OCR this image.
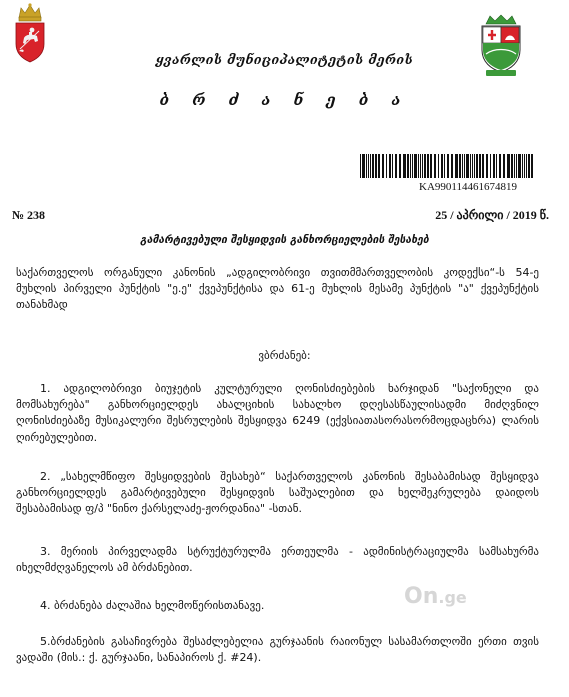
ყვარლის მუნიციპალიტეტის მერის
ბ რ ძ ა ნ ე ბ ა
KA990114461674819
№ 238	25 / აპრილი / 2019 წ.
გამარტივებული შესყიდვის განხორციელების შესახებ
საქართველოს ორგანული კანონის „ადგილობრივი თვითმმართველობის კოდექსი“-ს 54-ე მუხლის პირველი პუნქტის "ე.ე" ქვეპუნქტისა და 61-ე მუხლის მესამე პუნქტის "ა" ქვეპუნქტის თანახმად
ვბრძანებ:
1. ადგილობრივი ბიუჯეტის კულტურული ღონისძიებების ხარჯიდან "საქონელი და მომსახურება" განხორციელდეს ახალციხის სახალხო დღესასწაულისადმი მიძღვნილ ღონისძიებაზე მუსიკალური შესრულების შესყიდვა 6249 (ექვსიათასორასორმოცდაცხრა) ლარის ღირებულებით.
2. „სახელმწიფო შესყიდვების შესახებ“ საქართველოს კანონის შესაბამისად შესყიდვა განხორციელდეს გამარტივებული შესყიდვის საშუალებით და ხელშეკრულება დაიდოს შესაბამისად ფ/პ "ნინო ქარსელაძე-ჟორდანია" -სთან.
3. მერიის პირველადმა სტრუქტურულმა ერთეულმა - ადმინისტრაციულმა სამსახურმა იხელმძღვანელოს ამ ბრძანებით.
4. ბრძანება ძალაშია ხელმოწერისთანავე.
5.ბრძანების გასაჩივრება შესაძლებელია გურჯაანის რაიონულ სასამართლოში ერთი თვის ვადაში (მის.: ქ. გურჯაანი, სანაპიროს ქ. #24).
On.ge
